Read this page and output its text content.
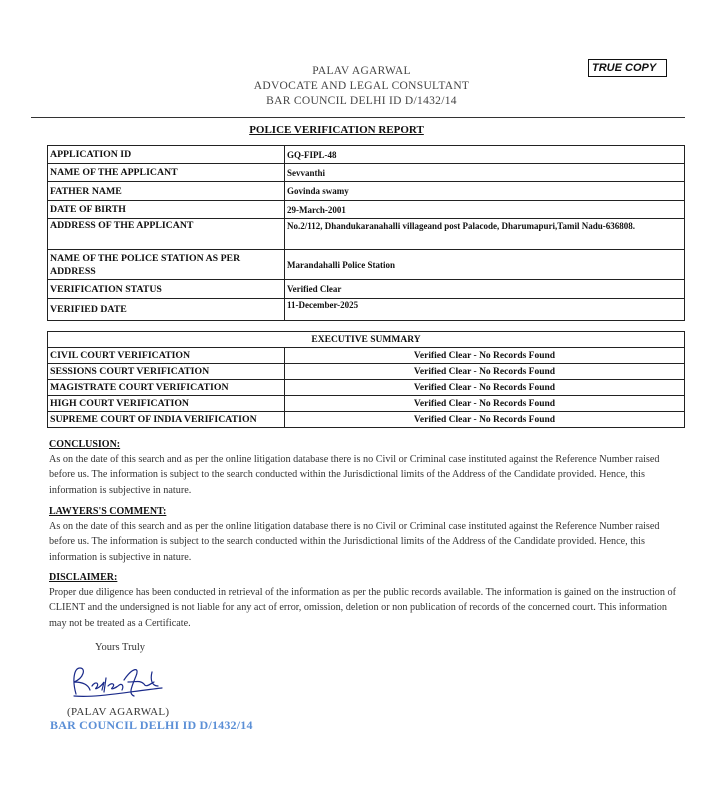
TRUE COPY
PALAV AGARWAL
ADVOCATE AND LEGAL CONSULTANT
BAR COUNCIL DELHI ID D/1432/14
POLICE VERIFICATION REPORT
APPLICATION ID	GQ-FIPL-48
NAME OF THE APPLICANT	Sevvanthi
FATHER NAME	Govinda swamy
DATE OF BIRTH	29-March-2001
ADDRESS OF THE APPLICANT	No.2/112, Dhandukaranahalli villageand post Palacode, Dharumapuri,Tamil Nadu-636808.
NAME OF THE POLICE STATION AS PER ADDRESS	Marandahalli Police Station
VERIFICATION STATUS	Verified Clear
VERIFIED DATE	11-December-2025
EXECUTIVE SUMMARY	
CIVIL COURT VERIFICATION	Verified Clear - No Records Found
SESSIONS COURT VERIFICATION	Verified Clear - No Records Found
MAGISTRATE COURT VERIFICATION	Verified Clear - No Records Found
HIGH COURT VERIFICATION	Verified Clear - No Records Found
SUPREME COURT OF INDIA VERIFICATION	Verified Clear - No Records Found
CONCLUSION:
As on the date of this search and as per the online litigation database there is no Civil or Criminal case instituted against the Reference Number raised before us. The information is subject to the search conducted within the Jurisdictional limits of the Address of the Candidate provided. Hence, this information is subjective in nature.
LAWYERS'S COMMENT:
As on the date of this search and as per the online litigation database there is no Civil or Criminal case instituted against the Reference Number raised before us. The information is subject to the search conducted within the Jurisdictional limits of the Address of the Candidate provided. Hence, this information is subjective in nature.
DISCLAIMER:
Proper due diligence has been conducted in retrieval of the information as per the public records available. The information is gained on the instruction of CLIENT and the undersigned is not liable for any act of error, omission, deletion or non publication of records of the concerned court. This information may not be treated as a Certificate.
Yours Truly
(PALAV AGARWAL)
BAR COUNCIL DELHI ID D/1432/14
